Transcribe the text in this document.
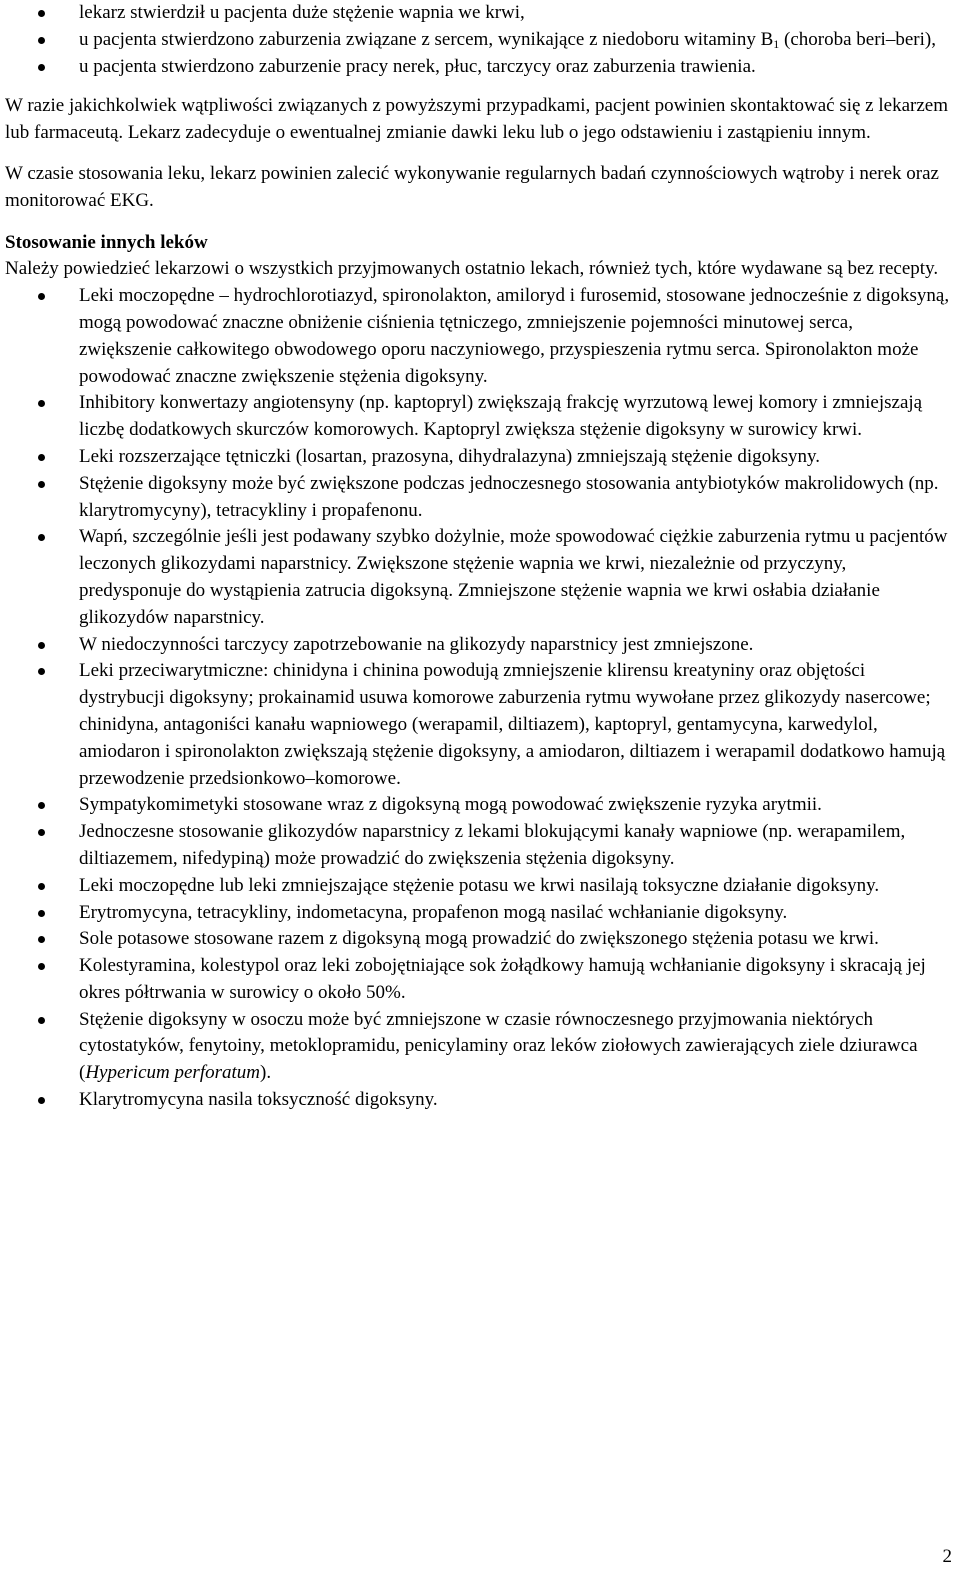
lekarz stwierdził u pacjenta duże stężenie wapnia we krwi,
u pacjenta stwierdzono zaburzenia związane z sercem, wynikające z niedoboru witaminy $B_1$ (choroba beri–beri),
u pacjenta stwierdzono zaburzenie pracy nerek, płuc, tarczycy oraz zaburzenia trawienia.

W razie jakichkolwiek wątpliwości związanych z powyższymi przypadkami, pacjent powinien skontaktować się z lekarzem lub farmaceutą. Lekarz zadecyduje o ewentualnej zmianie dawki leku lub o jego odstawieniu i zastąpieniu innym.

W czasie stosowania leku, lekarz powinien zalecić wykonywanie regularnych badań czynnościowych wątroby i nerek oraz monitorować EKG.

Stosowanie innych leków

Należy powiedzieć lekarzowi o wszystkich przyjmowanych ostatnio lekach, również tych, które wydawane są bez recepty.

Leki moczopędne – hydrochlorotiazyd, spironolakton, amiloryd i furosemid, stosowane jednocześnie z digoksyną, mogą powodować znaczne obniżenie ciśnienia tętniczego, zmniejszenie pojemności minutowej serca, zwiększenie całkowitego obwodowego oporu naczyniowego, przyspieszenia rytmu serca. Spironolakton może powodować znaczne zwiększenie stężenia digoksyny.
Inhibitory konwertazy angiotensyny (np. kaptopryl) zwiększają frakcję wyrzutową lewej komory i zmniejszają liczbę dodatkowych skurczów komorowych. Kaptopryl zwiększa stężenie digoksyny w surowicy krwi.
Leki rozszerzające tętniczki (losartan, prazosyna, dihydralazyna) zmniejszają stężenie digoksyny.
Stężenie digoksyny może być zwiększone podczas jednoczesnego stosowania antybiotyków makrolidowych (np. klarytromycyny), tetracykliny i propafenonu.
Wapń, szczególnie jeśli jest podawany szybko dożylnie, może spowodować ciężkie zaburzenia rytmu u pacjentów leczonych glikozydami naparstnicy. Zwiększone stężenie wapnia we krwi, niezależnie od przyczyny, predysponuje do wystąpienia zatrucia digoksyną. Zmniejszone stężenie wapnia we krwi osłabia działanie glikozydów naparstnicy.
W niedoczynności tarczycy zapotrzebowanie na glikozydy naparstnicy jest zmniejszone.
Leki przeciwarytmiczne: chinidyna i chinina powodują zmniejszenie klirensu kreatyniny oraz objętości dystrybucji digoksyny; prokainamid usuwa komorowe zaburzenia rytmu wywołane przez glikozydy nasercowe; chinidyna, antagoniści kanału wapniowego (werapamil, diltiazem), kaptopryl, gentamycyna, karwedylol, amiodaron i spironolakton zwiększają stężenie digoksyny, a amiodaron, diltiazem i werapamil dodatkowo hamują przewodzenie przedsionkowo–komorowe.
Sympatykomimetyki stosowane wraz z digoksyną mogą powodować zwiększenie ryzyka arytmii.
Jednoczesne stosowanie glikozydów naparstnicy z lekami blokującymi kanały wapniowe (np. werapamilem, diltiazemem, nifedypiną) może prowadzić do zwiększenia stężenia digoksyny.
Leki moczopędne lub leki zmniejszające stężenie potasu we krwi nasilają toksyczne działanie digoksyny.
Erytromycyna, tetracykliny, indometacyna, propafenon mogą nasilać wchłanianie digoksyny.
Sole potasowe stosowane razem z digoksyną mogą prowadzić do zwiększonego stężenia potasu we krwi.
Kolestyramina, kolestypol oraz leki zobojętniające sok żołądkowy hamują wchłanianie digoksyny i skracają jej okres półtrwania w surowicy o około 50%.
Stężenie digoksyny w osoczu może być zmniejszone w czasie równoczesnego przyjmowania niektórych cytostatyków, fenytoiny, metoklopramidu, penicylaminy oraz leków ziołowych zawierających ziele dziurawca (Hypericum perforatum).
Klarytromycyna nasila toksyczność digoksyny.
2
